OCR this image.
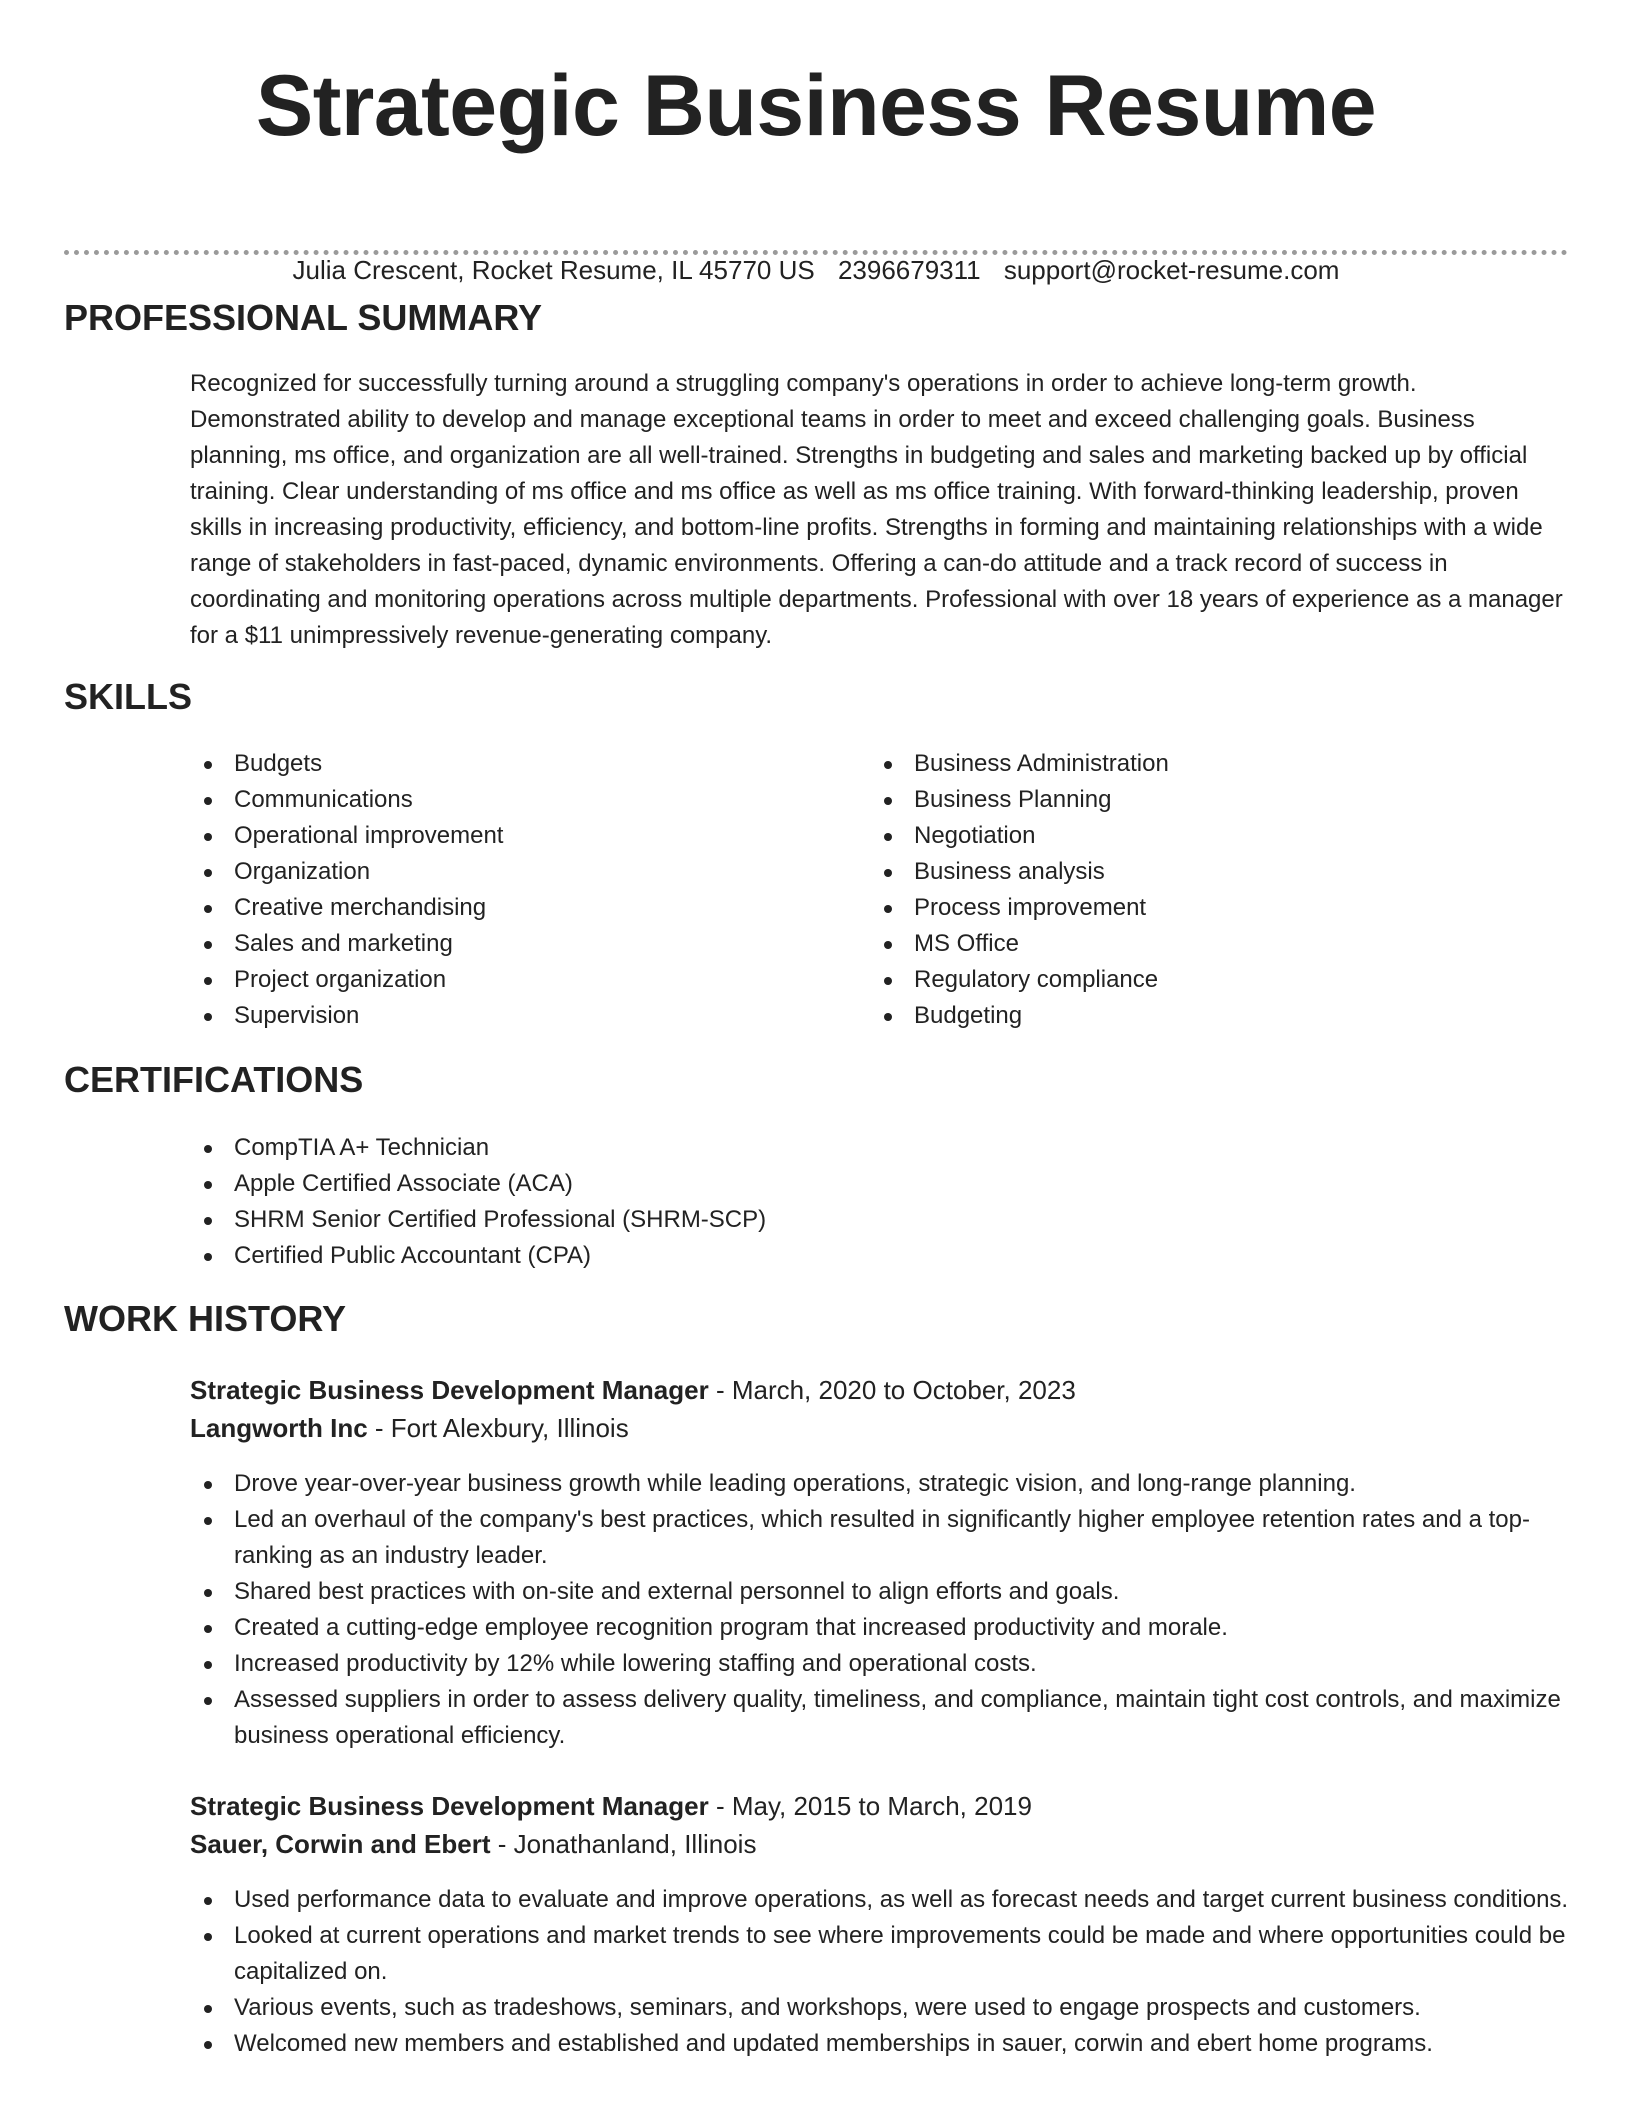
Strategic Business Resume
Julia Crescent, Rocket Resume, IL 45770 US 2396679311 support@rocket-resume.com
PROFESSIONAL SUMMARY

Recognized for successfully turning around a struggling company's operations in order to achieve long-term growth. Demonstrated ability to develop and manage exceptional teams in order to meet and exceed challenging goals. Business planning, ms office, and organization are all well-trained. Strengths in budgeting and sales and marketing backed up by official training. Clear understanding of ms office and ms office as well as ms office training. With forward-thinking leadership, proven skills in increasing productivity, efficiency, and bottom-line profits. Strengths in forming and maintaining relationships with a wide range of stakeholders in fast-paced, dynamic environments. Offering a can-do attitude and a track record of success in coordinating and monitoring operations across multiple departments. Professional with over 18 years of experience as a manager for a $11 unimpressively revenue-generating company.

SKILLS
Budgets
Communications
Operational improvement
Organization
Creative merchandising
Sales and marketing
Project organization
Supervision
Business Administration
Business Planning
Negotiation
Business analysis
Process improvement
MS Office
Regulatory compliance
Budgeting
CERTIFICATIONS
CompTIA A+ Technician
Apple Certified Associate (ACA)
SHRM Senior Certified Professional (SHRM-SCP)
Certified Public Accountant (CPA)
WORK HISTORY
Strategic Business Development Manager - March, 2020 to October, 2023
Langworth Inc - Fort Alexbury, Illinois
Drove year-over-year business growth while leading operations, strategic vision, and long-range planning.
Led an overhaul of the company's best practices, which resulted in significantly higher employee retention rates and a top-ranking as an industry leader.
Shared best practices with on-site and external personnel to align efforts and goals.
Created a cutting-edge employee recognition program that increased productivity and morale.
Increased productivity by 12% while lowering staffing and operational costs.
Assessed suppliers in order to assess delivery quality, timeliness, and compliance, maintain tight cost controls, and maximize business operational efficiency.
Strategic Business Development Manager - May, 2015 to March, 2019
Sauer, Corwin and Ebert - Jonathanland, Illinois
Used performance data to evaluate and improve operations, as well as forecast needs and target current business conditions.
Looked at current operations and market trends to see where improvements could be made and where opportunities could be capitalized on.
Various events, such as tradeshows, seminars, and workshops, were used to engage prospects and customers.
Welcomed new members and established and updated memberships in sauer, corwin and ebert home programs.
